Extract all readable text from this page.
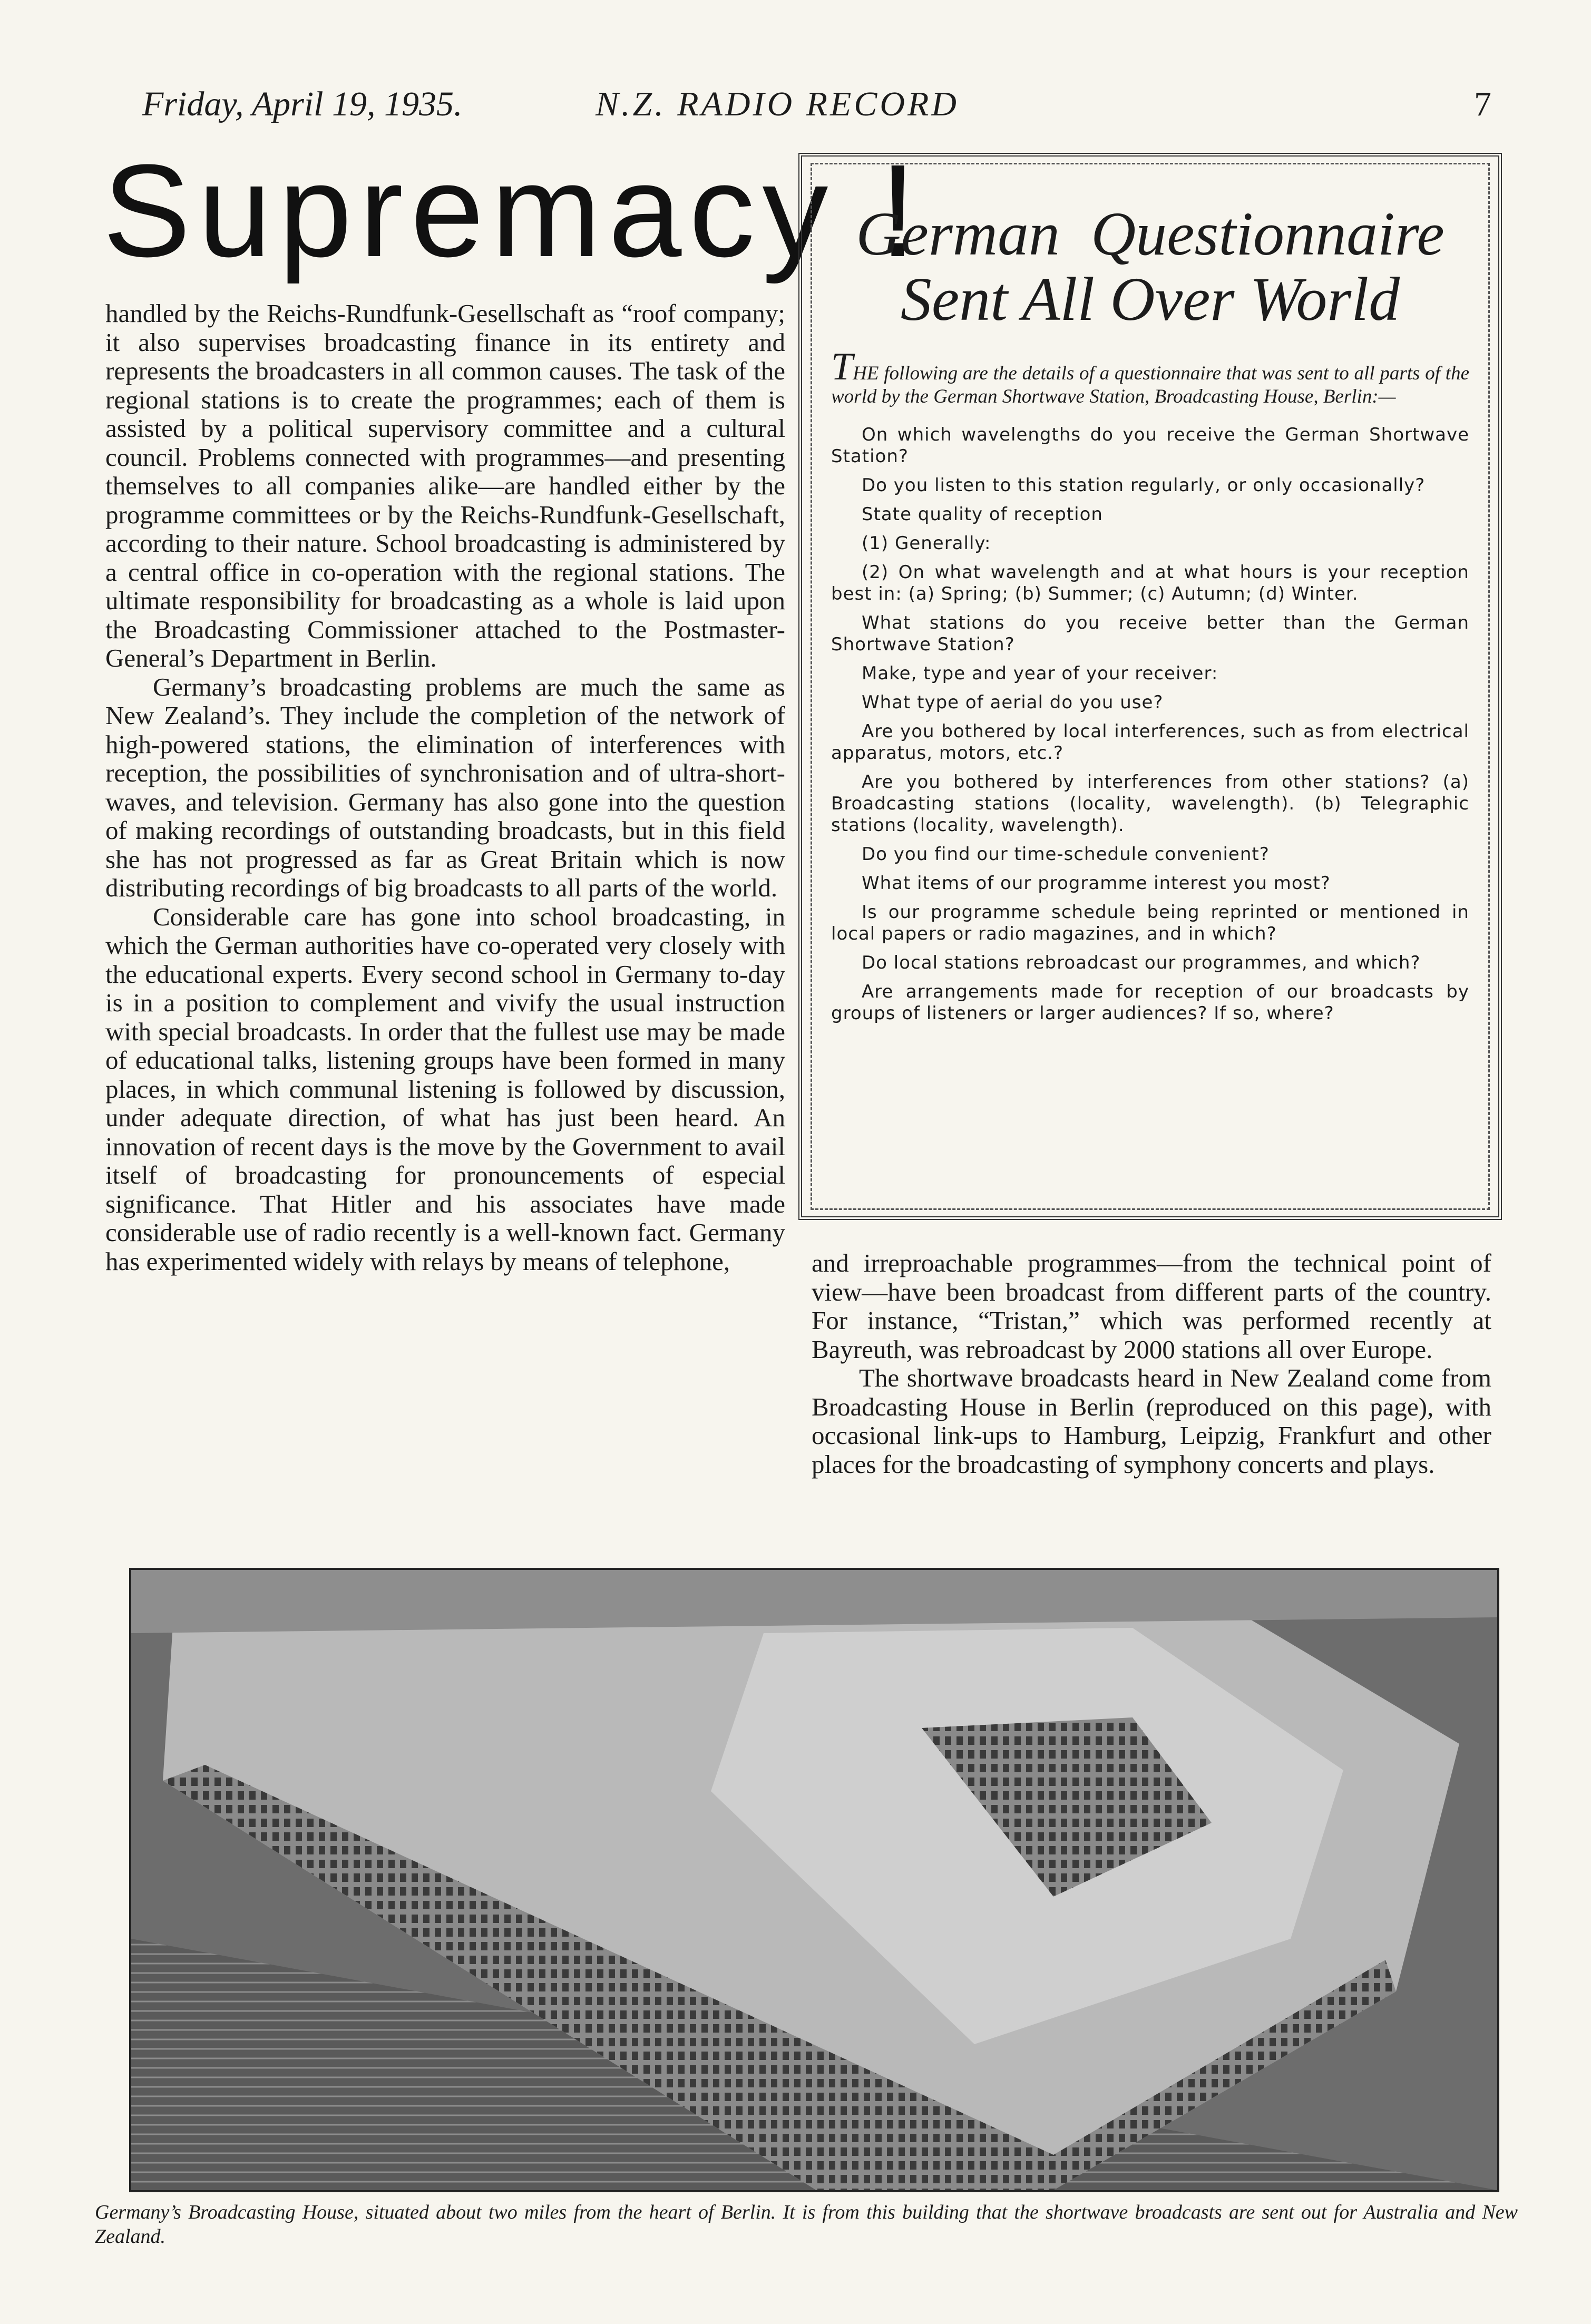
Friday, April 19, 1935.	N.Z. RADIO RECORD	7
Supremacy !

handled by the Reichs-Rundfunk-Gesellschaft as “roof company; it also supervises broadcasting finance in its entirety and represents the broadcasters in all common causes. The task of the regional stations is to create the programmes; each of them is assisted by a political supervisory committee and a cultural council. Problems connected with programmes—and presenting themselves to all companies alike—are handled either by the programme committees or by the Reichs-Rundfunk-Gesellschaft, according to their nature. School broadcasting is administered by a central office in co-operation with the regional stations. The ultimate responsibility for broadcasting as a whole is laid upon the Broadcasting Commissioner attached to the Postmaster-General’s Department in Berlin.

Germany’s broadcasting problems are much the same as New Zealand’s. They include the completion of the network of high-powered stations, the elimination of interferences with reception, the possibilities of synchronisation and of ultra-short-waves, and television. Germany has also gone into the question of making recordings of outstanding broadcasts, but in this field she has not progressed as far as Great Britain which is now distributing recordings of big broadcasts to all parts of the world.

Considerable care has gone into school broadcasting, in which the German authorities have co-operated very closely with the educational experts. Every second school in Germany to-day is in a position to complement and vivify the usual instruction with special broadcasts. In order that the fullest use may be made of educational talks, listening groups have been formed in many places, in which communal listening is followed by discussion, under adequate direction, of what has just been heard. An innovation of recent days is the move by the Government to avail itself of broadcasting for pronouncements of especial significance. That Hitler and his associates have made considerable use of radio recently is a well-known fact. Germany has experimented widely with relays by means of telephone,

German  Questionnaire
Sent All Over World
THE following are the details of a questionnaire that was sent to all parts of the world by the German Shortwave Station, Broadcasting House, Berlin:—
On which wavelengths do you receive the German Shortwave Station?
Do you listen to this station regularly, or only occasionally?
State quality of reception
(1) Generally:
(2) On what wavelength and at what hours is your reception best in: (a) Spring; (b) Summer; (c) Autumn; (d) Winter.
What stations do you receive better than the German Shortwave Station?
Make, type and year of your receiver:
What type of aerial do you use?
Are you bothered by local interferences, such as from electrical apparatus, motors, etc.?
Are you bothered by interferences from other stations? (a) Broadcasting stations (locality, wavelength). (b) Telegraphic stations (locality, wavelength).
Do you find our time-schedule convenient?
What items of our programme interest you most?
Is our programme schedule being reprinted or mentioned in local papers or radio magazines, and in which?
Do local stations rebroadcast our programmes, and which?
Are arrangements made for reception of our broadcasts by groups of listeners or larger audiences? If so, where?

and irreproachable programmes—from the technical point of view—have been broadcast from different parts of the country. For instance, “Tristan,” which was performed recently at Bayreuth, was rebroadcast by 2000 stations all over Europe.

The shortwave broadcasts heard in New Zealand come from Broadcasting House in Berlin (reproduced on this page), with occasional link-ups to Hamburg, Leipzig, Frankfurt and other places for the broadcasting of symphony concerts and plays.

Germany’s Broadcasting House, situated about two miles from the heart of Berlin. It is from this building that the shortwave broadcasts are sent out for Australia and New Zealand.
